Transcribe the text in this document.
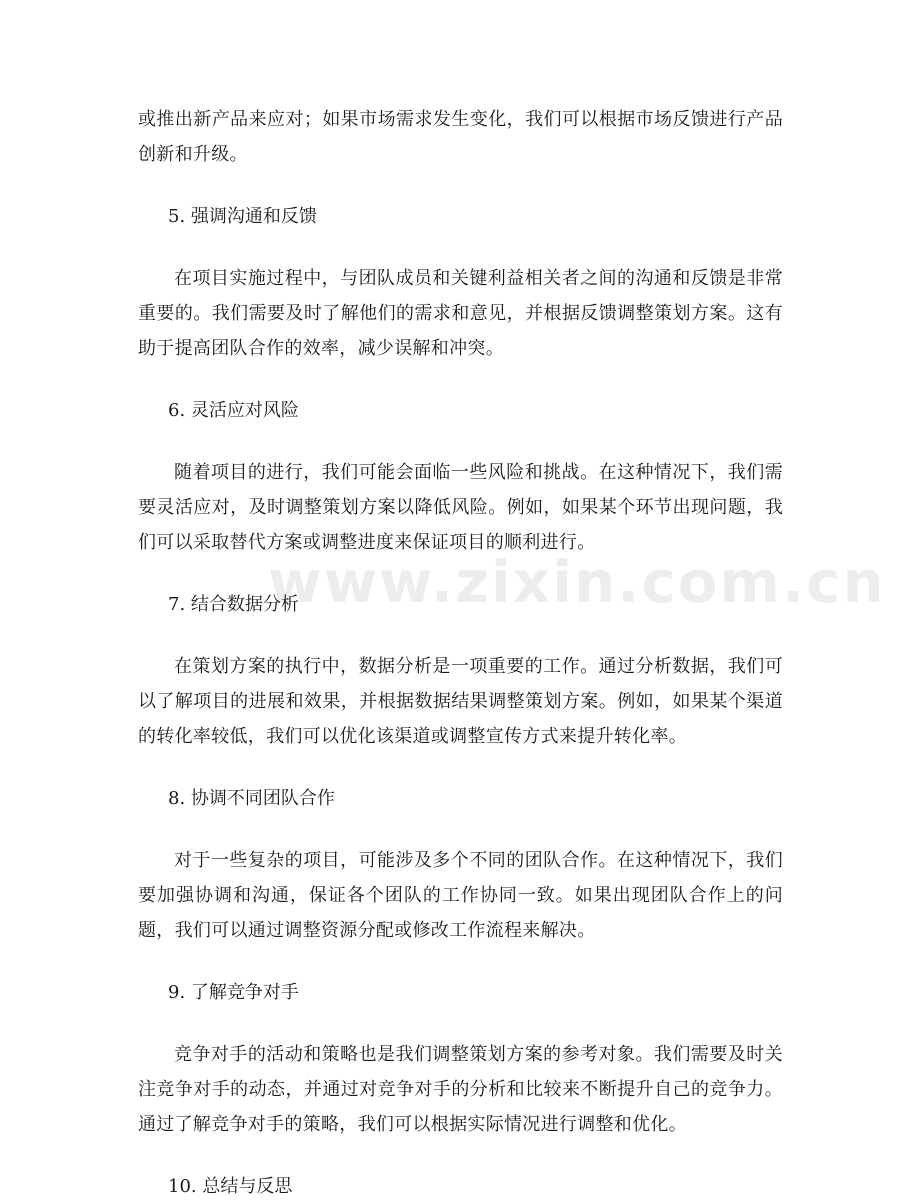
www.zixin.com.cn

或推出新产品来应对；如果市场需求发生变化，我们可以根据市场反馈进行产品创新和升级。

5. 强调沟通和反馈

在项目实施过程中，与团队成员和关键利益相关者之间的沟通和反馈是非常重要的。我们需要及时了解他们的需求和意见，并根据反馈调整策划方案。这有助于提高团队合作的效率，减少误解和冲突。

6. 灵活应对风险

随着项目的进行，我们可能会面临一些风险和挑战。在这种情况下，我们需要灵活应对，及时调整策划方案以降低风险。例如，如果某个环节出现问题，我们可以采取替代方案或调整进度来保证项目的顺利进行。

7. 结合数据分析

在策划方案的执行中，数据分析是一项重要的工作。通过分析数据，我们可以了解项目的进展和效果，并根据数据结果调整策划方案。例如，如果某个渠道的转化率较低，我们可以优化该渠道或调整宣传方式来提升转化率。

8. 协调不同团队合作

对于一些复杂的项目，可能涉及多个不同的团队合作。在这种情况下，我们要加强协调和沟通，保证各个团队的工作协同一致。如果出现团队合作上的问题，我们可以通过调整资源分配或修改工作流程来解决。

9. 了解竞争对手

竞争对手的活动和策略也是我们调整策划方案的参考对象。我们需要及时关注竞争对手的动态，并通过对竞争对手的分析和比较来不断提升自己的竞争力。通过了解竞争对手的策略，我们可以根据实际情况进行调整和优化。

10. 总结与反思
